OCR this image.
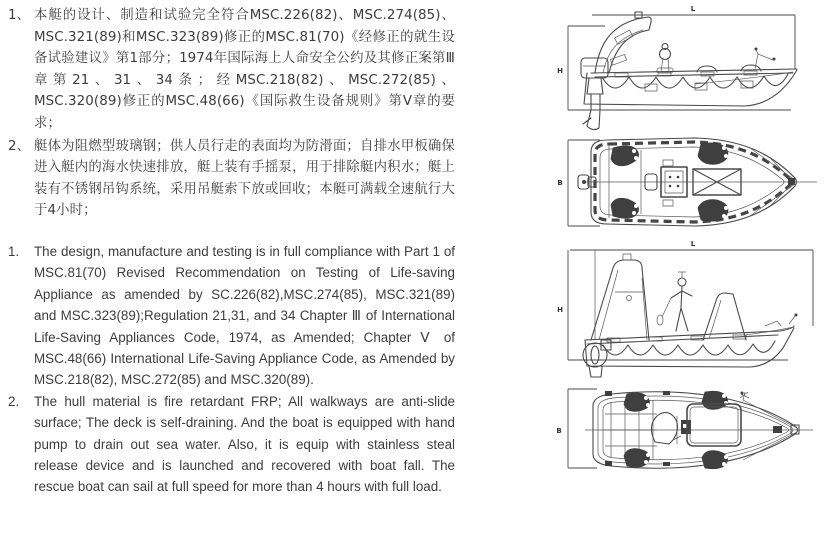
1、 本艇的设计、制造和试验完全符合MSC.226(82)、MSC.274(85)、MSC.321(89)和MSC.323(89)修正的MSC.81(70)《经修正的就生设备试验建议》第1部分；1974年国际海上人命安全公约及其修正案第Ⅲ章第21、31、34条；经MSC.218(82)、MSC.272(85)、MSC.320(89)修正的MSC.48(66)《国际救生设备规则》第Ⅴ章的要求；
2、 艇体为阻燃型玻璃钢；供人员行走的表面均为防滑面；自排水甲板确保进入艇内的海水快速排放，艇上装有手摇泵，用于排除艇内积水；艇上装有不锈钢吊钩系统，采用吊艇索下放或回收；本艇可满载全速航行大于4小时；
1. The design, manufacture and testing is in full compliance with Part 1 of MSC.81(70) Revised Recommendation on Testing of Life-saving Appliance as amended by SC.226(82),MSC.274(85), MSC.321(89) and MSC.323(89);Regulation 21,31, and 34 Chapter Ⅲ of International Life-Saving Appliances Code, 1974, as Amended; Chapter Ⅴ of MSC.48(66) International Life-Saving Appliance Code, as Amended by MSC.218(82), MSC.272(85) and MSC.320(89).
2. The hull material is fire retardant FRP; All walkways are anti-slide surface; The deck is self-draining. And the boat is equipped with hand pump to drain out sea water. Also, it is equip with stainless steal release device and is launched and recovered with boat fall. The rescue boat can sail at full speed for more than 4 hours with full load.
L
H
B
L
H
B
